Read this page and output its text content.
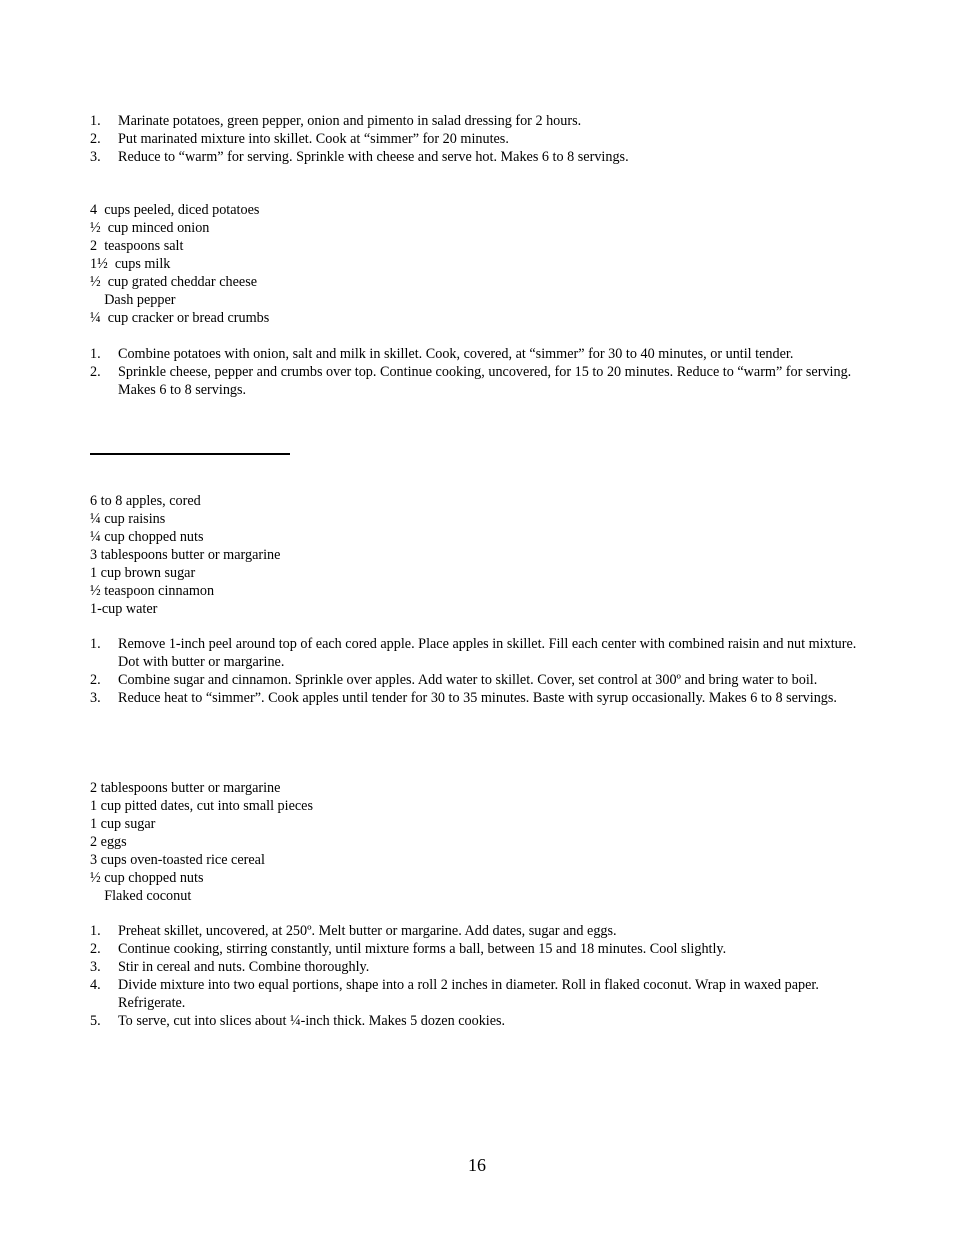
1. Marinate potatoes, green pepper, onion and pimento in salad dressing for 2 hours.
2. Put marinated mixture into skillet. Cook at “simmer” for 20 minutes.
3. Reduce to “warm” for serving. Sprinkle with cheese and serve hot. Makes 6 to 8 servings.
4  cups peeled, diced potatoes
½  cup minced onion
2  teaspoons salt
1½  cups milk
½  cup grated cheddar cheese
Dash pepper
¼  cup cracker or bread crumbs
1. Combine potatoes with onion, salt and milk in skillet. Cook, covered, at “simmer” for 30 to 40 minutes, or until tender.
2. Sprinkle cheese, pepper and crumbs over top. Continue cooking, uncovered, for 15 to 20 minutes. Reduce to “warm” for serving. Makes 6 to 8 servings.
6 to 8 apples, cored
¼ cup raisins
¼ cup chopped nuts
3 tablespoons butter or margarine
1 cup brown sugar
½ teaspoon cinnamon
1-cup water
1. Remove 1-inch peel around top of each cored apple. Place apples in skillet. Fill each center with combined raisin and nut mixture. Dot with butter or margarine.
2. Combine sugar and cinnamon. Sprinkle over apples. Add water to skillet. Cover, set control at 300º and bring water to boil.
3. Reduce heat to “simmer”. Cook apples until tender for 30 to 35 minutes. Baste with syrup occasionally. Makes 6 to 8 servings.
2 tablespoons butter or margarine
1 cup pitted dates, cut into small pieces
1 cup sugar
2 eggs
3 cups oven-toasted rice cereal
½ cup chopped nuts
Flaked coconut
1. Preheat skillet, uncovered, at 250º. Melt butter or margarine. Add dates, sugar and eggs.
2. Continue cooking, stirring constantly, until mixture forms a ball, between 15 and 18 minutes. Cool slightly.
3. Stir in cereal and nuts. Combine thoroughly.
4. Divide mixture into two equal portions, shape into a roll 2 inches in diameter. Roll in flaked coconut. Wrap in waxed paper. Refrigerate.
5. To serve, cut into slices about ¼-inch thick. Makes 5 dozen cookies.
16
